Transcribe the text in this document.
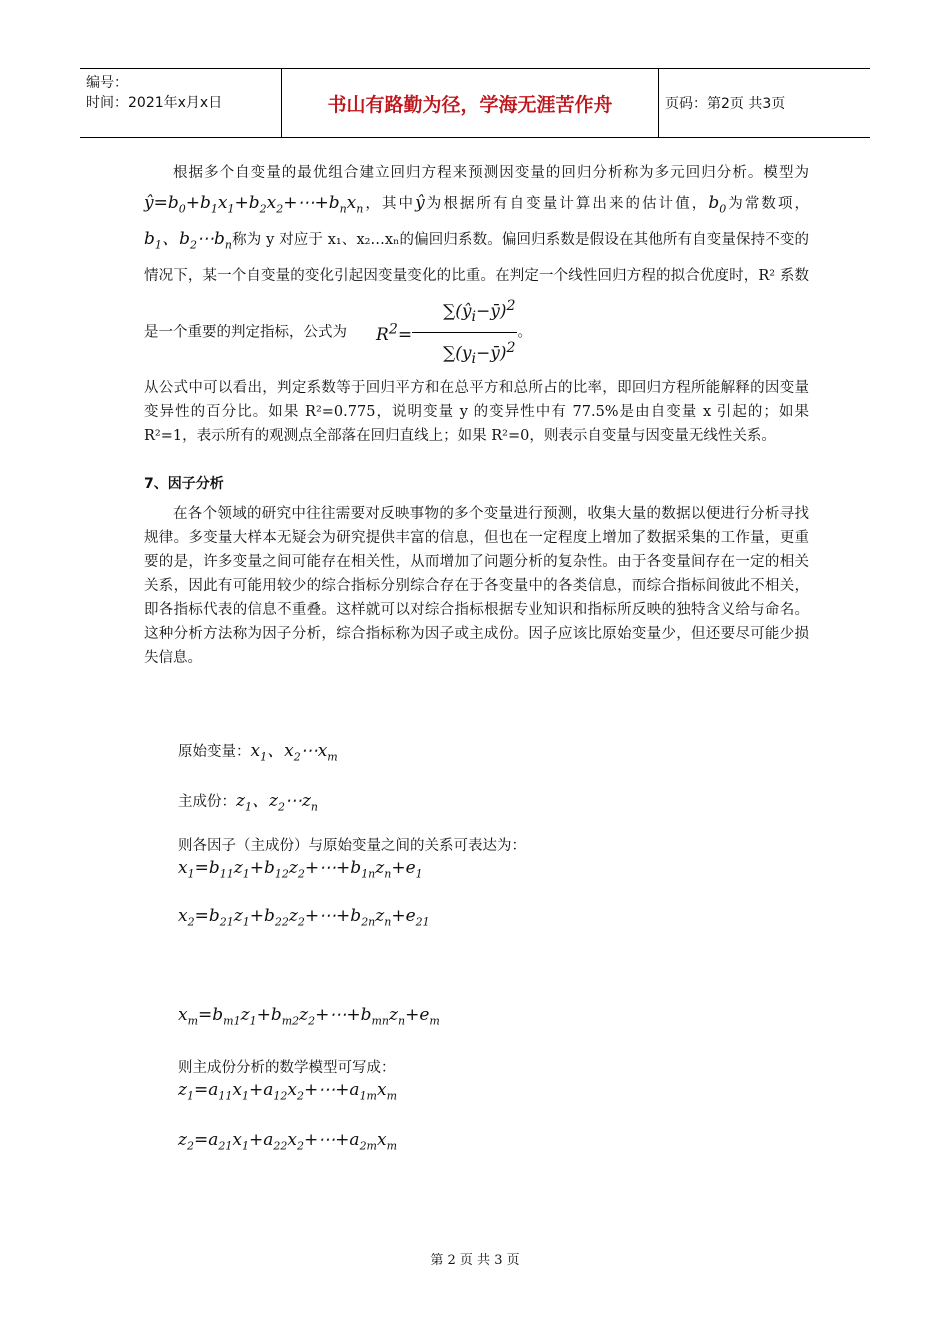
编号：
时间：2021年x月x日	书山有路勤为径，学海无涯苦作舟	页码：第2页 共3页

根据多个自变量的最优组合建立回归方程来预测因变量的回归分析称为多元回归分析。模型为$ŷ=b_0+b_1x_1+b_2x_2+\cdots+b_nx_n$，其中ŷ为根据所有自变量计算出来的估计值，$b_0$为常数项，$b_1$、$b_2\cdots b_n$称为 y 对应于 x₁、x₂…xₙ的偏回归系数。偏回归系数是假设在其他所有自变量保持不变的情况下，某一个自变量的变化引起因变量变化的比重。在判定一个线性回归方程的拟合优度时，R² 系数是一个重要的判定指标，公式为 $R^2= \frac{\sum(ŷ_i-ȳ)^2}{\sum(y_i-ȳ)^2}$ 。

从公式中可以看出，判定系数等于回归平方和在总平方和总所占的比率，即回归方程所能解释的因变量变异性的百分比。如果 R²=0.775，说明变量 y 的变异性中有 77.5%是由自变量 x 引起的；如果 R²=1，表示所有的观测点全部落在回归直线上；如果 R²=0，则表示自变量与因变量无线性关系。

7、因子分析

在各个领域的研究中往往需要对反映事物的多个变量进行预测，收集大量的数据以便进行分析寻找规律。多变量大样本无疑会为研究提供丰富的信息，但也在一定程度上增加了数据采集的工作量，更重要的是，许多变量之间可能存在相关性，从而增加了问题分析的复杂性。由于各变量间存在一定的相关关系，因此有可能用较少的综合指标分别综合存在于各变量中的各类信息，而综合指标间彼此不相关，即各指标代表的信息不重叠。这样就可以对综合指标根据专业知识和指标所反映的独特含义给与命名。这种分析方法称为因子分析，综合指标称为因子或主成份。因子应该比原始变量少，但还要尽可能少损失信息。

原始变量：$x_1$、$x_2\cdots x_m$
主成份：$z_1$、$z_2\cdots z_n$
则各因子（主成份）与原始变量之间的关系可表达为：
$x_1=b_{11}z_1+b_{12}z_2+\cdots+b_{1n}z_n+e_1$
$x_2=b_{21}z_1+b_{22}z_2+\cdots+b_{2n}z_n+e_{21}$
$x_m=b_{m1}z_1+b_{m2}z_2+\cdots+b_{mn}z_n+e_m$
则主成份分析的数学模型可写成：
$z_1=a_{11}x_1+a_{12}x_2+\cdots+a_{1m}x_m$
$z_2=a_{21}x_1+a_{22}x_2+\cdots+a_{2m}x_m$
第 2 页 共 3 页
